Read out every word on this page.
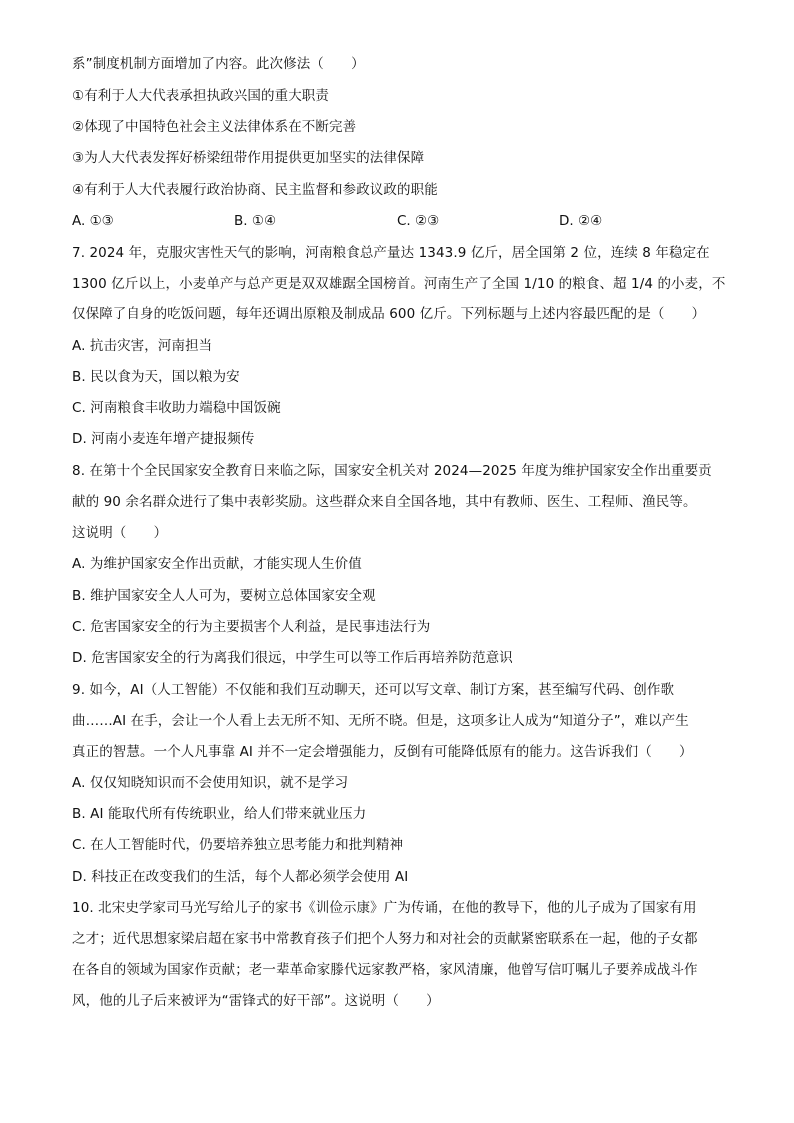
系”制度机制方面增加了内容。此次修法（　　）
①有利于人大代表承担执政兴国的重大职责
②体现了中国特色社会主义法律体系在不断完善
③为人大代表发挥好桥梁纽带作用提供更加坚实的法律保障
④有利于人大代表履行政治协商、民主监督和参政议政的职能
A. ①③	B. ①④	C. ②③	D. ②④
7. 2024 年，克服灾害性天气的影响，河南粮食总产量达 1343.9 亿斤，居全国第 2 位，连续 8 年稳定在
1300 亿斤以上，小麦单产与总产更是双双雄踞全国榜首。河南生产了全国 1/10 的粮食、超 1/4 的小麦，不
仅保障了自身的吃饭问题，每年还调出原粮及制成品 600 亿斤。下列标题与上述内容最匹配的是（　　）
A. 抗击灾害，河南担当
B. 民以食为天，国以粮为安
C. 河南粮食丰收助力端稳中国饭碗
D. 河南小麦连年增产捷报频传
8. 在第十个全民国家安全教育日来临之际，国家安全机关对 2024—2025 年度为维护国家安全作出重要贡
献的 90 余名群众进行了集中表彰奖励。这些群众来自全国各地，其中有教师、医生、工程师、渔民等。
这说明（　　）
A. 为维护国家安全作出贡献，才能实现人生价值
B. 维护国家安全人人可为，要树立总体国家安全观
C. 危害国家安全的行为主要损害个人利益，是民事违法行为
D. 危害国家安全的行为离我们很远，中学生可以等工作后再培养防范意识
9. 如今，AI（人工智能）不仅能和我们互动聊天，还可以写文章、制订方案，甚至编写代码、创作歌
曲……AI 在手，会让一个人看上去无所不知、无所不晓。但是，这项多让人成为“知道分子”，难以产生
真正的智慧。一个人凡事靠 AI 并不一定会增强能力，反倒有可能降低原有的能力。这告诉我们（　　）
A. 仅仅知晓知识而不会使用知识，就不是学习
B. AI 能取代所有传统职业，给人们带来就业压力
C. 在人工智能时代，仍要培养独立思考能力和批判精神
D. 科技正在改变我们的生活，每个人都必须学会使用 AI
10. 北宋史学家司马光写给儿子的家书《训俭示康》广为传诵，在他的教导下，他的儿子成为了国家有用
之才；近代思想家梁启超在家书中常教育孩子们把个人努力和对社会的贡献紧密联系在一起，他的子女都
在各自的领域为国家作贡献；老一辈革命家滕代远家教严格，家风清廉，他曾写信叮嘱儿子要养成战斗作
风，他的儿子后来被评为“雷锋式的好干部”。这说明（　　）
